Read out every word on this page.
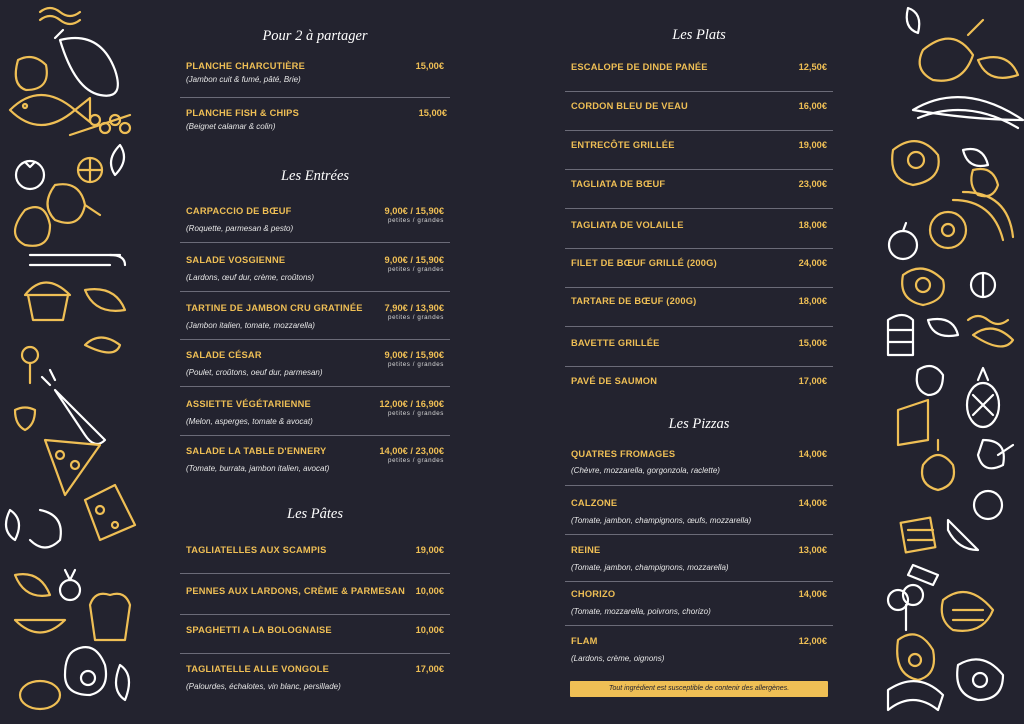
Pour 2 à partager
PLANCHE CHARCUTIÈRE	15,00€
(Jambon cuit & fumé, pâté, Brie)
PLANCHE FISH & CHIPS	15,00€
(Beignet calamar & colin)
Les Entrées
CARPACCIO DE BŒUF	9,00€ / 15,90€
petites / grandes
(Roquette, parmesan & pesto)
SALADE VOSGIENNE	9,00€ / 15,90€
petites / grandes
(Lardons, œuf dur, crème, croûtons)
TARTINE DE JAMBON CRU GRATINÉE 7,90€ / 13,90€
petites / grandes
(Jambon italien, tomate, mozzarella)
SALADE CÉSAR	9,00€ / 15,90€
petites / grandes
(Poulet, croûtons, oeuf dur, parmesan)
ASSIETTE VÉGÉTARIENNE	12,00€ / 16,90€
petites / grandes
(Melon, asperges, tomate & avocat)
SALADE LA TABLE D'ENNERY	14,00€ / 23,00€
petites / grandes
(Tomate, burrata, jambon italien, avocat)
Les Pâtes
TAGLIATELLES AUX SCAMPIS	19,00€
PENNES AUX LARDONS, CRÈME & PARMESAN 10,00€
SPAGHETTI A LA BOLOGNAISE	10,00€
TAGLIATELLE ALLE VONGOLE	17,00€
(Palourdes, échalotes, vin blanc, persillade)
Les Plats
ESCALOPE DE DINDE PANÉE	12,50€
CORDON BLEU DE VEAU	16,00€
ENTRECÔTE GRILLÉE	19,00€
TAGLIATA DE BŒUF	23,00€
TAGLIATA DE VOLAILLE	18,00€
FILET DE BŒUF GRILLÉ (200G)	24,00€
TARTARE DE BŒUF (200G)	18,00€
BAVETTE GRILLÉE	15,00€
PAVÉ DE SAUMON	17,00€
Les Pizzas
QUATRES FROMAGES	14,00€
(Chèvre, mozzarella, gorgonzola, raclette)
CALZONE	14,00€
(Tomate, jambon, champignons, œufs, mozzarella)
REINE	13,00€
(Tomate, jambon, champignons, mozzarella)
CHORIZO	14,00€
(Tomate, mozzarella, poivrons, chorizo)
FLAM	12,00€
(Lardons, crème, oignons)
Tout ingrédient est susceptible de contenir des allergènes.
